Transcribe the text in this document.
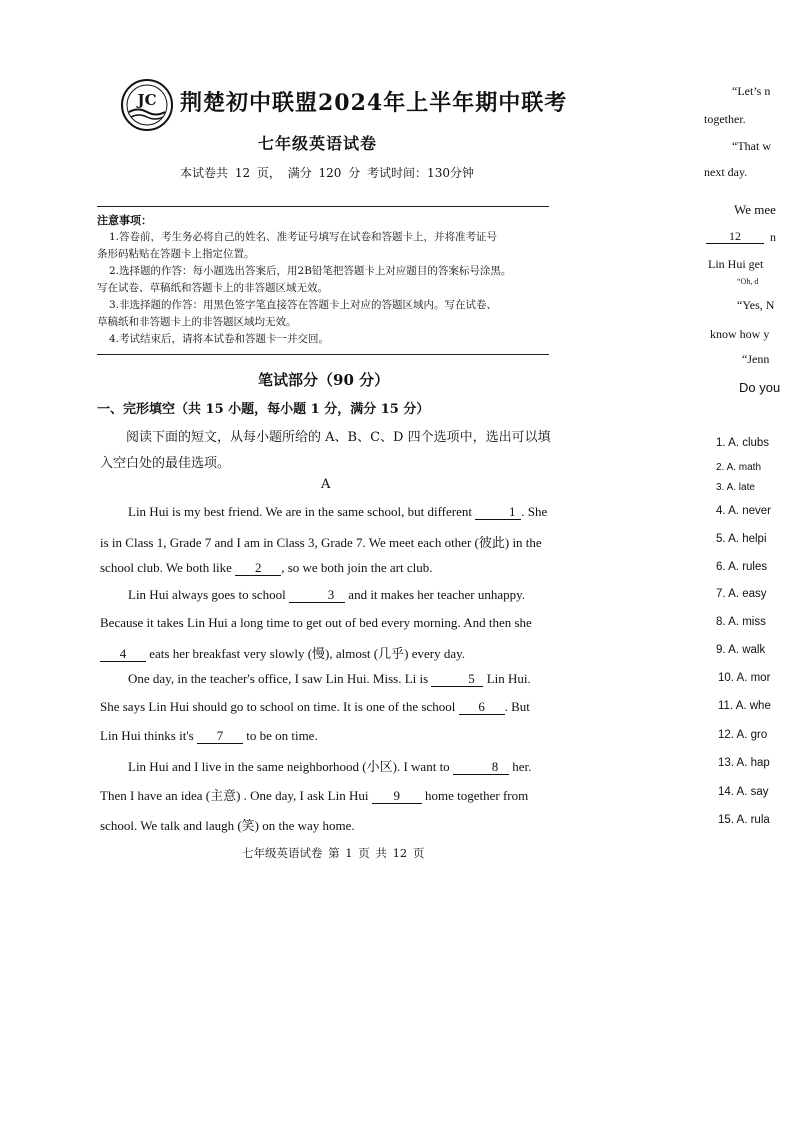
JC 荆楚初中联盟2024年上半年期中联考
七年级英语试卷
本试卷共 12 页， 满分 120 分 考试时间：130分钟
注意事项：
1.答卷前，考生务必将自己的姓名、准考证号填写在试卷和答题卡上，并将准考证号
条形码粘贴在答题卡上指定位置。
2.选择题的作答：每小题选出答案后，用2B铅笔把答题卡上对应题目的答案标号涂黑。
写在试卷、草稿纸和答题卡上的非答题区域无效。
3.非选择题的作答：用黑色签字笔直接答在答题卡上对应的答题区域内。写在试卷、
草稿纸和非答题卡上的非答题区域均无效。
4.考试结束后，请将本试卷和答题卡一并交回。
笔试部分（90 分）
一、完形填空（共 15 小题，每小题 1 分，满分 15 分）
阅读下面的短文，从每小题所给的 A、B、C、D 四个选项中，选出可以填
入空白处的最佳选项。
A
Lin Hui is my best friend. We are in the same school, but different	1 . She
is in Class 1, Grade 7 and I am in Class 3, Grade 7. We meet each other (彼此) in the
school club. We both like 2 , so we both join the art club.
Lin Hui always goes to school	3 and it makes her teacher unhappy.
Because it takes Lin Hui a long time to get out of bed every morning. And then she
4 eats her breakfast very slowly (慢), almost (几乎) every day.
One day, in the teacher's office, I saw Lin Hui. Miss. Li is	5 Lin Hui.
She says Lin Hui should go to school on time. It is one of the school 6 . But
Lin Hui thinks it's 7 to be on time.
Lin Hui and I live in the same neighborhood (小区). I want to	8 her.
Then I have an idea (主意) . One day, I ask Lin Hui 9 home together from
school. We talk and laugh (笑) on the way home.
七年级英语试卷 第 1 页 共 12 页
“Let’s n
together.
“That w
next day.
We mee
12	n
Lin Hui get
“Oh, d
“Yes, N
know how y
“Jenn
Do you
1. A. clubs
2. A. math
3. A. late
4. A. never
5. A. helpi
6. A. rules
7. A. easy
8. A. miss
9. A. walk
10. A. mor
11. A. whe
12. A. gro
13. A. hap
14. A. say
15. A. rula
